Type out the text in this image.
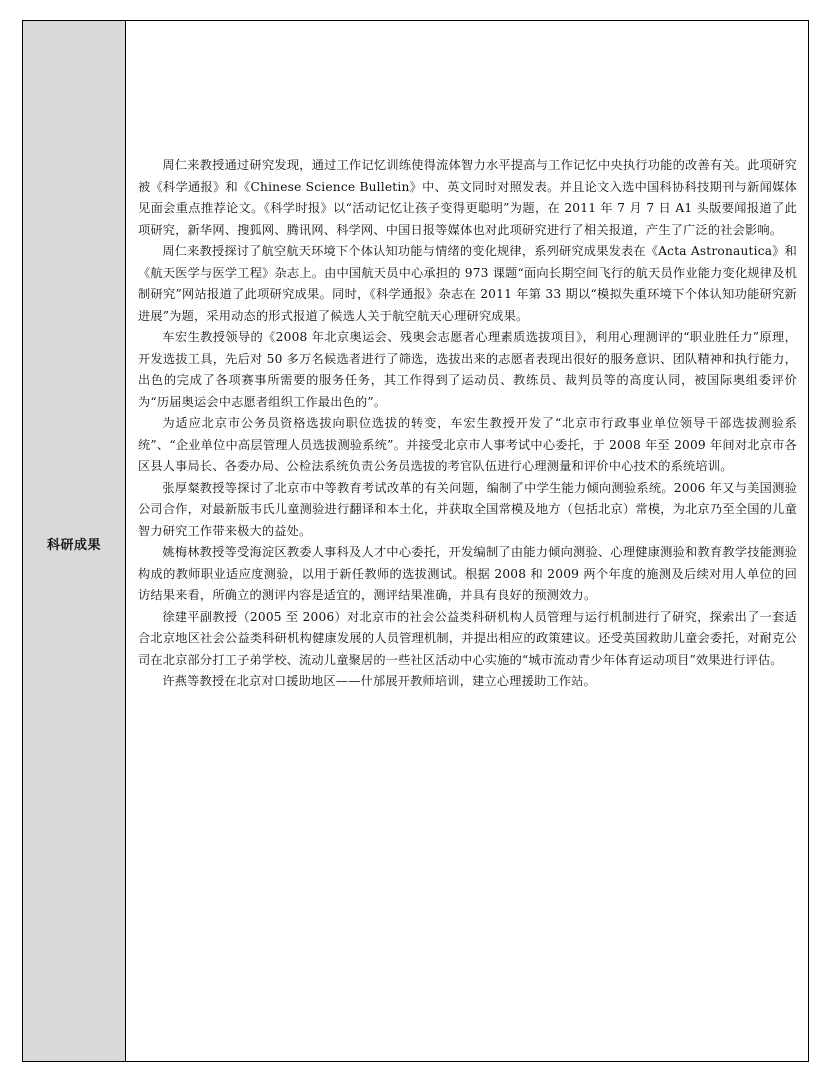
科研成果

周仁来教授通过研究发现，通过工作记忆训练使得流体智力水平提高与工作记忆中央执行功能的改善有关。此项研究被《科学通报》和《Chinese Science Bulletin》中、英文同时对照发表。并且论文入选中国科协科技期刊与新闻媒体见面会重点推荐论文。《科学时报》以“活动记忆让孩子变得更聪明”为题，在 2011 年 7 月 7 日 A1 头版要闻报道了此项研究，新华网、搜狐网、腾讯网、科学网、中国日报等媒体也对此项研究进行了相关报道，产生了广泛的社会影响。

周仁来教授探讨了航空航天环境下个体认知功能与情绪的变化规律，系列研究成果发表在《Acta Astronautica》和《航天医学与医学工程》杂志上。由中国航天员中心承担的 973 课题“面向长期空间飞行的航天员作业能力变化规律及机制研究”网站报道了此项研究成果。同时，《科学通报》杂志在 2011 年第 33 期以“模拟失重环境下个体认知功能研究新进展”为题，采用动态的形式报道了候选人关于航空航天心理研究成果。

车宏生教授领导的《2008 年北京奥运会、残奥会志愿者心理素质选拔项目》，利用心理测评的“职业胜任力”原理，开发选拔工具，先后对 50 多万名候选者进行了筛选，选拔出来的志愿者表现出很好的服务意识、团队精神和执行能力，出色的完成了各项赛事所需要的服务任务，其工作得到了运动员、教练员、裁判员等的高度认同，被国际奥组委评价为“历届奥运会中志愿者组织工作最出色的”。

为适应北京市公务员资格选拔向职位选拔的转变，车宏生教授开发了“北京市行政事业单位领导干部选拔测验系统”、“企业单位中高层管理人员选拔测验系统”。并接受北京市人事考试中心委托，于 2008 年至 2009 年间对北京市各区县人事局长、各委办局、公检法系统负责公务员选拔的考官队伍进行心理测量和评价中心技术的系统培训。

张厚粲教授等探讨了北京市中等教育考试改革的有关问题，编制了中学生能力倾向测验系统。2006 年又与美国测验公司合作，对最新版韦氏儿童测验进行翻译和本土化，并获取全国常模及地方（包括北京）常模，为北京乃至全国的儿童智力研究工作带来极大的益处。

姚梅林教授等受海淀区教委人事科及人才中心委托，开发编制了由能力倾向测验、心理健康测验和教育教学技能测验构成的教师职业适应度测验，以用于新任教师的选拔测试。根据 2008 和 2009 两个年度的施测及后续对用人单位的回访结果来看，所确立的测评内容是适宜的，测评结果准确，并具有良好的预测效力。

徐建平副教授（2005 至 2006）对北京市的社会公益类科研机构人员管理与运行机制进行了研究，探索出了一套适合北京地区社会公益类科研机构健康发展的人员管理机制，并提出相应的政策建议。还受英国救助儿童会委托，对耐克公司在北京部分打工子弟学校、流动儿童聚居的一些社区活动中心实施的“城市流动青少年体育运动项目”效果进行评估。

许燕等教授在北京对口援助地区——什邡展开教师培训，建立心理援助工作站。
